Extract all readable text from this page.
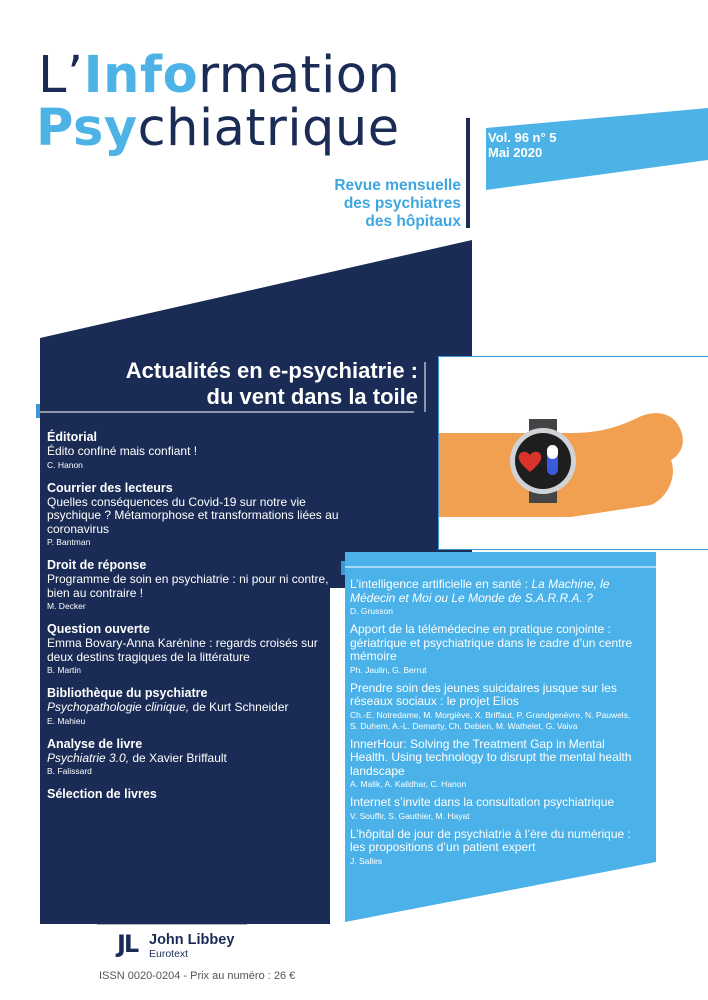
L’Information
Psychiatrique	Vol. 96 n° 5
Mai 2020
Revue mensuelle
des psychiatres
des hôpitaux
Actualités en e-psychiatrie :
du vent dans la toile
Éditorial
Édito confiné mais confiant !
C. Hanon
Courrier des lecteurs
Quelles conséquences du Covid-19 sur notre vie psychique ? Métamorphose et transformations liées au coronavirus
P. Bantman
Droit de réponse
Programme de soin en psychiatrie : ni pour ni contre, bien au contraire !
M. Decker
Question ouverte
Emma Bovary-Anna Karénine : regards croisés sur deux destins tragiques de la littérature
B. Martin
Bibliothèque du psychiatre
Psychopathologie clinique, de Kurt Schneider
E. Mahieu
Analyse de livre
Psychiatrie 3.0, de Xavier Briffault
B. Falissard
Sélection de livres
L’intelligence artificielle en santé : La Machine, le Médecin et Moi ou Le Monde de S.A.R.R.A. ?
D. Grusson
Apport de la télémédecine en pratique conjointe : gériatrique et psychiatrique dans le cadre d’un centre mémoire
Ph. Jaulin, G. Berrut
Prendre soin des jeunes suicidaires jusque sur les réseaux sociaux : le projet Elios
Ch.-E. Notredame, M. Morgiève, X. Briffaut, P. Grandgenèvre, N. Pauwels, S. Duhem, A.-L. Demarty, Ch. Debien, M. Wathelet, G. Vaiva
InnerHour: Solving the Treatment Gap in Mental Health. Using technology to disrupt the mental health landscape
A. Malik, A. Kalidhar, C. Hanon
Internet s’invite dans la consultation psychiatrique
V. Souffir, S. Gauthier, M. Hayat
L’hôpital de jour de psychiatrie à l’ère du numérique : les propositions d’un patient expert
J. Salles
JL John Libbey
Eurotext
ISSN 0020-0204 - Prix au numéro : 26 €
